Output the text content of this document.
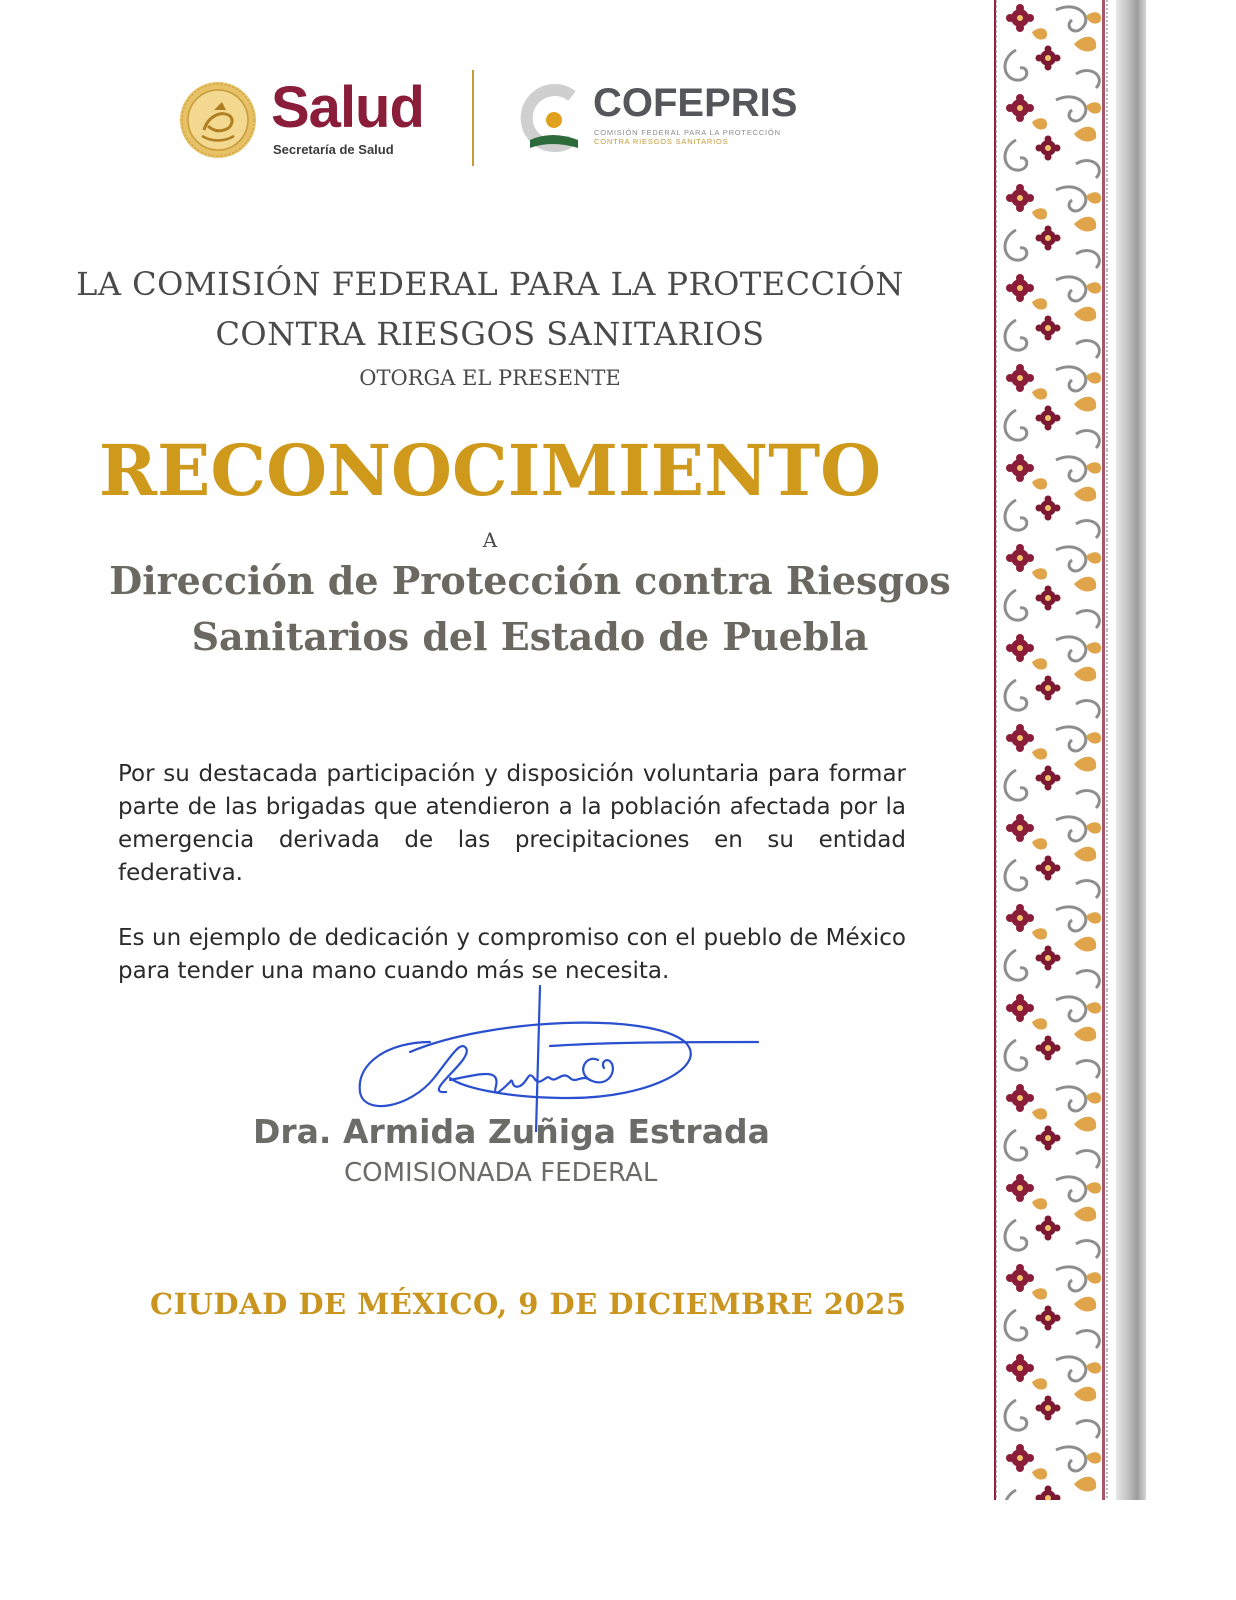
Salud
Secretaría de Salud
COFEPRIS
COMISIÓN FEDERAL PARA LA PROTECCIÓN
CONTRA RIESGOS SANITARIOS
LA COMISIÓN FEDERAL PARA LA PROTECCIÓN
CONTRA RIESGOS SANITARIOS
OTORGA EL PRESENTE
RECONOCIMIENTO
A
Dirección de Protección contra Riesgos Sanitarios del Estado de Puebla
Por su destacada participación y disposición voluntaria para formar parte de las brigadas que atendieron a la población afectada por la emergencia derivada de las precipitaciones en su entidad federativa.
Es un ejemplo de dedicación y compromiso con el pueblo de México para tender una mano cuando más se necesita.
Dra. Armida Zuñiga Estrada
COMISIONADA FEDERAL
CIUDAD DE MÉXICO, 9 DE DICIEMBRE 2025
